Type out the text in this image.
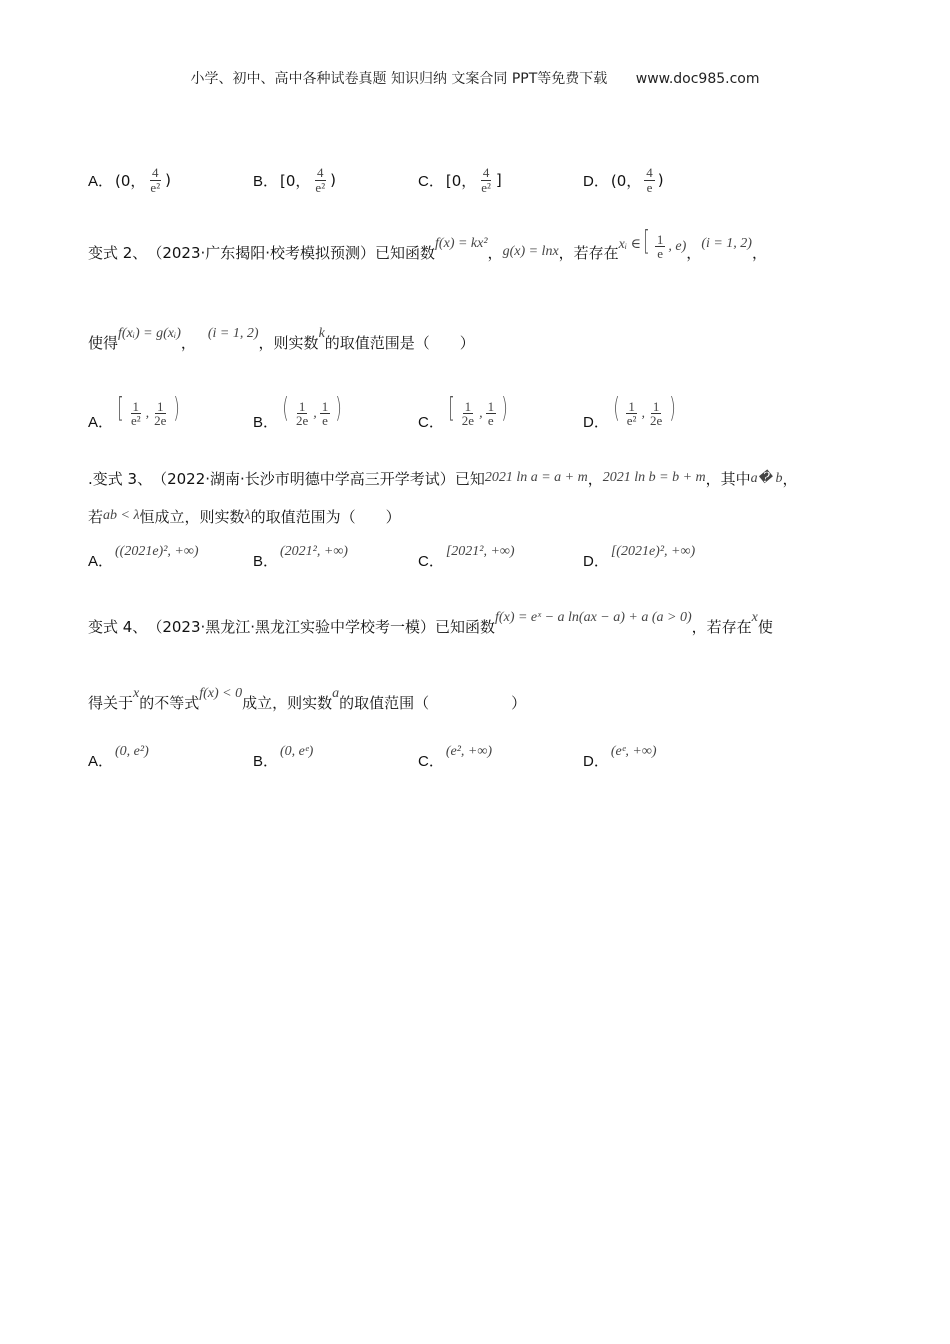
小学、初中、高中各种试卷真题 知识归纳 文案合同 PPT等免费下载 www.doc985.com
A． (0， $\frac{4}{\text{e²}}$ )	B． [0， $\frac{4}{\text{e²}}$ )	C． [0， $\frac{4}{\text{e²}}$ ]	D． (0， $\frac{4}{e}$ )
变式 2、 （2023·广东揭阳·校考模拟预测） 已知函数 f(x) = kx² ， g(x) = lnx ，若存在 xᵢ ∈ [ $\frac{1}{e}$ , e) ， (i = 1, 2) ，
使得 f(xᵢ) = g(xᵢ) ， (i = 1, 2) ，则实数 k 的取值范围是（　　）
A． [ $\frac{1}{\text{e²}}$ , $\frac{1}{2e}$ )	B． ( $\frac{1}{2e}$ , $\frac{1}{e}$ )	C． [ $\frac{1}{2e}$ , $\frac{1}{e}$ )	D． ( $\frac{1}{\text{e²}}$ , $\frac{1}{2e}$ )
.变式 3、 （2022·湖南·长沙市明德中学高三开学考试） 已知 2021 ln a = a + m ， 2021 ln b = b + m ，其中 a� b ，
若 ab < λ 恒成立，则实数 λ 的取值范围为（　　）
A．
((2021e)², +∞)
B．
(2021², +∞)
C．
[2021², +∞)
D．
[(2021e)², +∞)
变式 4、 （2023·黑龙江·黑龙江实验中学校考一模） 已知函数 f(x) = eˣ − a ln(ax − a) + a (a > 0) ，若存在 x 使
得关于 x 的不等式 f(x) < 0 成立，则实数 a 的取值范围（	）
A．
(0, e²)
B．
(0, eᵉ)
C．
(e², +∞)
D．
(eᵉ, +∞)
